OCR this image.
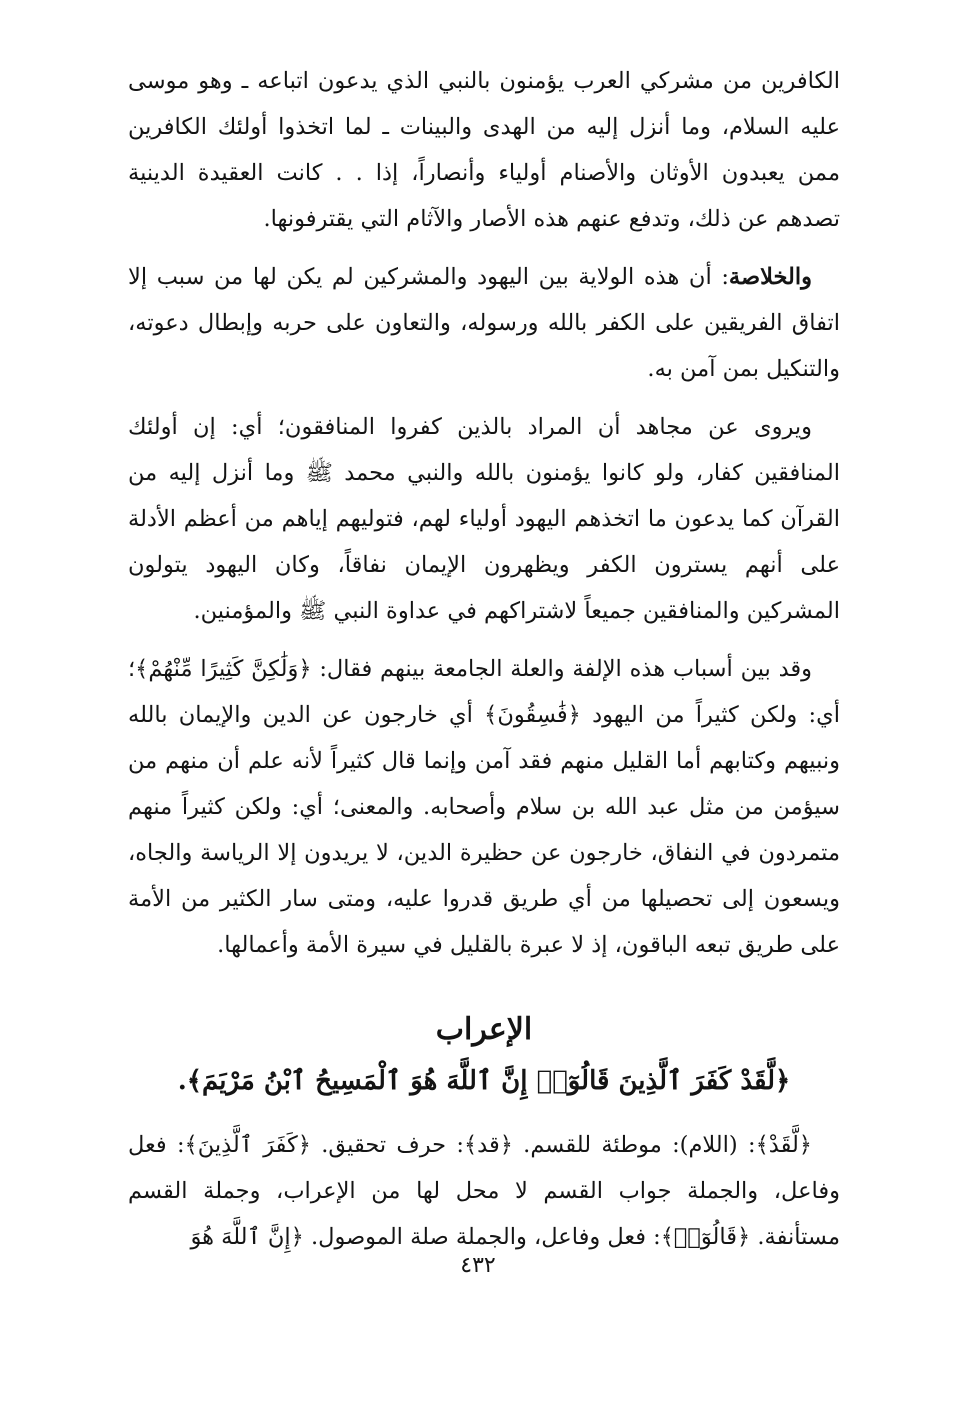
الكافرين من مشركي العرب يؤمنون بالنبي الذي يدعون اتباعه ـ وهو موسى عليه السلام، وما أنزل إليه من الهدى والبينات ـ لما اتخذوا أولئك الكافرين ممن يعبدون الأوثان والأصنام أولياء وأنصاراً، إذا . . كانت العقيدة الدينية تصدهم عن ذلك، وتدفع عنهم هذه الأصار والآثام التي يقترفونها.

والخلاصة: أن هذه الولاية بين اليهود والمشركين لم يكن لها من سبب إلا اتفاق الفريقين على الكفر بالله ورسوله، والتعاون على حربه وإبطال دعوته، والتنكيل بمن آمن به.

ويروى عن مجاهد أن المراد بالذين كفروا المنافقون؛ أي: إن أولئك المنافقين كفار، ولو كانوا يؤمنون بالله والنبي محمد ﷺ وما أنزل إليه من القرآن كما يدعون ما اتخذهم اليهود أولياء لهم، فتوليهم إياهم من أعظم الأدلة على أنهم يسترون الكفر ويظهرون الإيمان نفاقاً، وكان اليهود يتولون المشركين والمنافقين جميعاً لاشتراكهم في عداوة النبي ﷺ والمؤمنين.

وقد بين أسباب هذه الإلفة والعلة الجامعة بينهم فقال: ﴿وَلَٰكِنَّ كَثِيرًا مِّنْهُمْ﴾؛ أي: ولكن كثيراً من اليهود ﴿فَٰسِقُونَ﴾ أي خارجون عن الدين والإيمان بالله ونبيهم وكتابهم أما القليل منهم فقد آمن وإنما قال كثيراً لأنه علم أن منهم من سيؤمن من مثل عبد الله بن سلام وأصحابه. والمعنى؛ أي: ولكن كثيراً منهم متمردون في النفاق، خارجون عن حظيرة الدين، لا يريدون إلا الرياسة والجاه، ويسعون إلى تحصيلها من أي طريق قدروا عليه، ومتى سار الكثير من الأمة على طريق تبعه الباقون، إذ لا عبرة بالقليل في سيرة الأمة وأعمالها.

الإعراب
﴿لَّقَدْ كَفَرَ ٱلَّذِينَ قَالُوٓا۟ إِنَّ ٱللَّهَ هُوَ ٱلْمَسِيحُ ٱبْنُ مَرْيَمَ﴾.

﴿لَّقَدْ﴾: (اللام): موطئة للقسم. ﴿قد﴾: حرف تحقيق. ﴿كَفَرَ ٱلَّذِينَ﴾: فعل وفاعل، والجملة جواب القسم لا محل لها من الإعراب، وجملة القسم مستأنفة. ﴿قَالُوٓا۟﴾: فعل وفاعل، والجملة صلة الموصول. ﴿إِنَّ ٱللَّهَ هُوَ

٤٣٢
